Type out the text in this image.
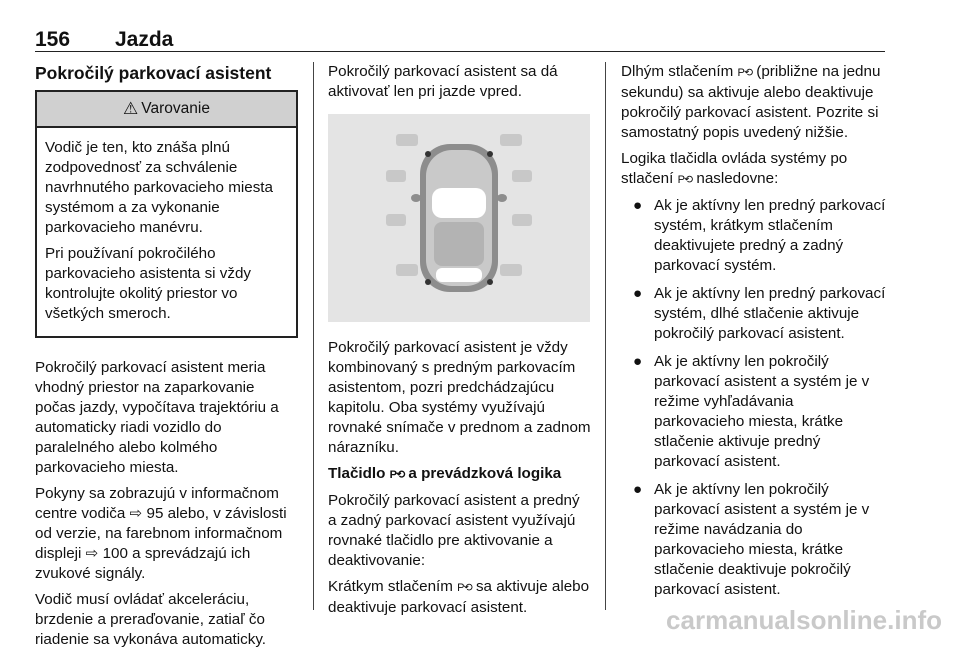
156 Jazda
Pokročilý parkovací asistent
⚠ Varovanie

Vodič je ten, kto znáša plnú zodpovednosť za schválenie navrhnutého parkovacieho miesta systémom a za vykonanie parkovacieho manévru.

Pri používaní pokročilého parkovacieho asistenta si vždy kontrolujte okolitý priestor vo všetkých smeroch.

Pokročilý parkovací asistent meria vhodný priestor na zaparkovanie počas jazdy, vypočítava trajektóriu a automaticky riadi vozidlo do paralelného alebo kolmého parkovacieho miesta.

Pokyny sa zobrazujú v informačnom centre vodiča ⇨ 95 alebo, v závislosti od verzie, na farebnom informačnom displeji ⇨ 100 a sprevádzajú ich zvukové signály.

Vodič musí ovládať akceleráciu, brzdenie a preraďovanie, zatiaľ čo riadenie sa vykonáva automaticky.

Pokročilý parkovací asistent sa dá aktivovať len pri jazde vpred.

Pokročilý parkovací asistent je vždy kombinovaný s predným parkovacím asistentom, pozri predchádzajúcu kapitolu. Oba systémy využívajú rovnaké snímače v prednom a zadnom nárazníku.

Tlačidlo P⟲ a prevádzková logika

Pokročilý parkovací asistent a predný a zadný parkovací asistent využívajú rovnaké tlačidlo pre aktivovanie a deaktivovanie:

Krátkym stlačením P⟲ sa aktivuje alebo deaktivuje parkovací asistent.

Dlhým stlačením P⟲ (približne na jednu sekundu) sa aktivuje alebo deaktivuje pokročilý parkovací asistent. Pozrite si samostatný popis uvedený nižšie.

Logika tlačidla ovláda systémy po stlačení P⟲ nasledovne:

● Ak je aktívny len predný parkovací systém, krátkym stlačením deaktivujete predný a zadný parkovací systém.
● Ak je aktívny len predný parkovací systém, dlhé stlačenie aktivuje pokročilý parkovací asistent.
● Ak je aktívny len pokročilý parkovací asistent a systém je v režime vyhľadávania parkovacieho miesta, krátke stlačenie aktivuje predný parkovací asistent.
● Ak je aktívny len pokročilý parkovací asistent a systém je v režime navádzania do parkovacieho miesta, krátke stlačenie deaktivuje pokročilý parkovací asistent.
carmanualsonline.info
